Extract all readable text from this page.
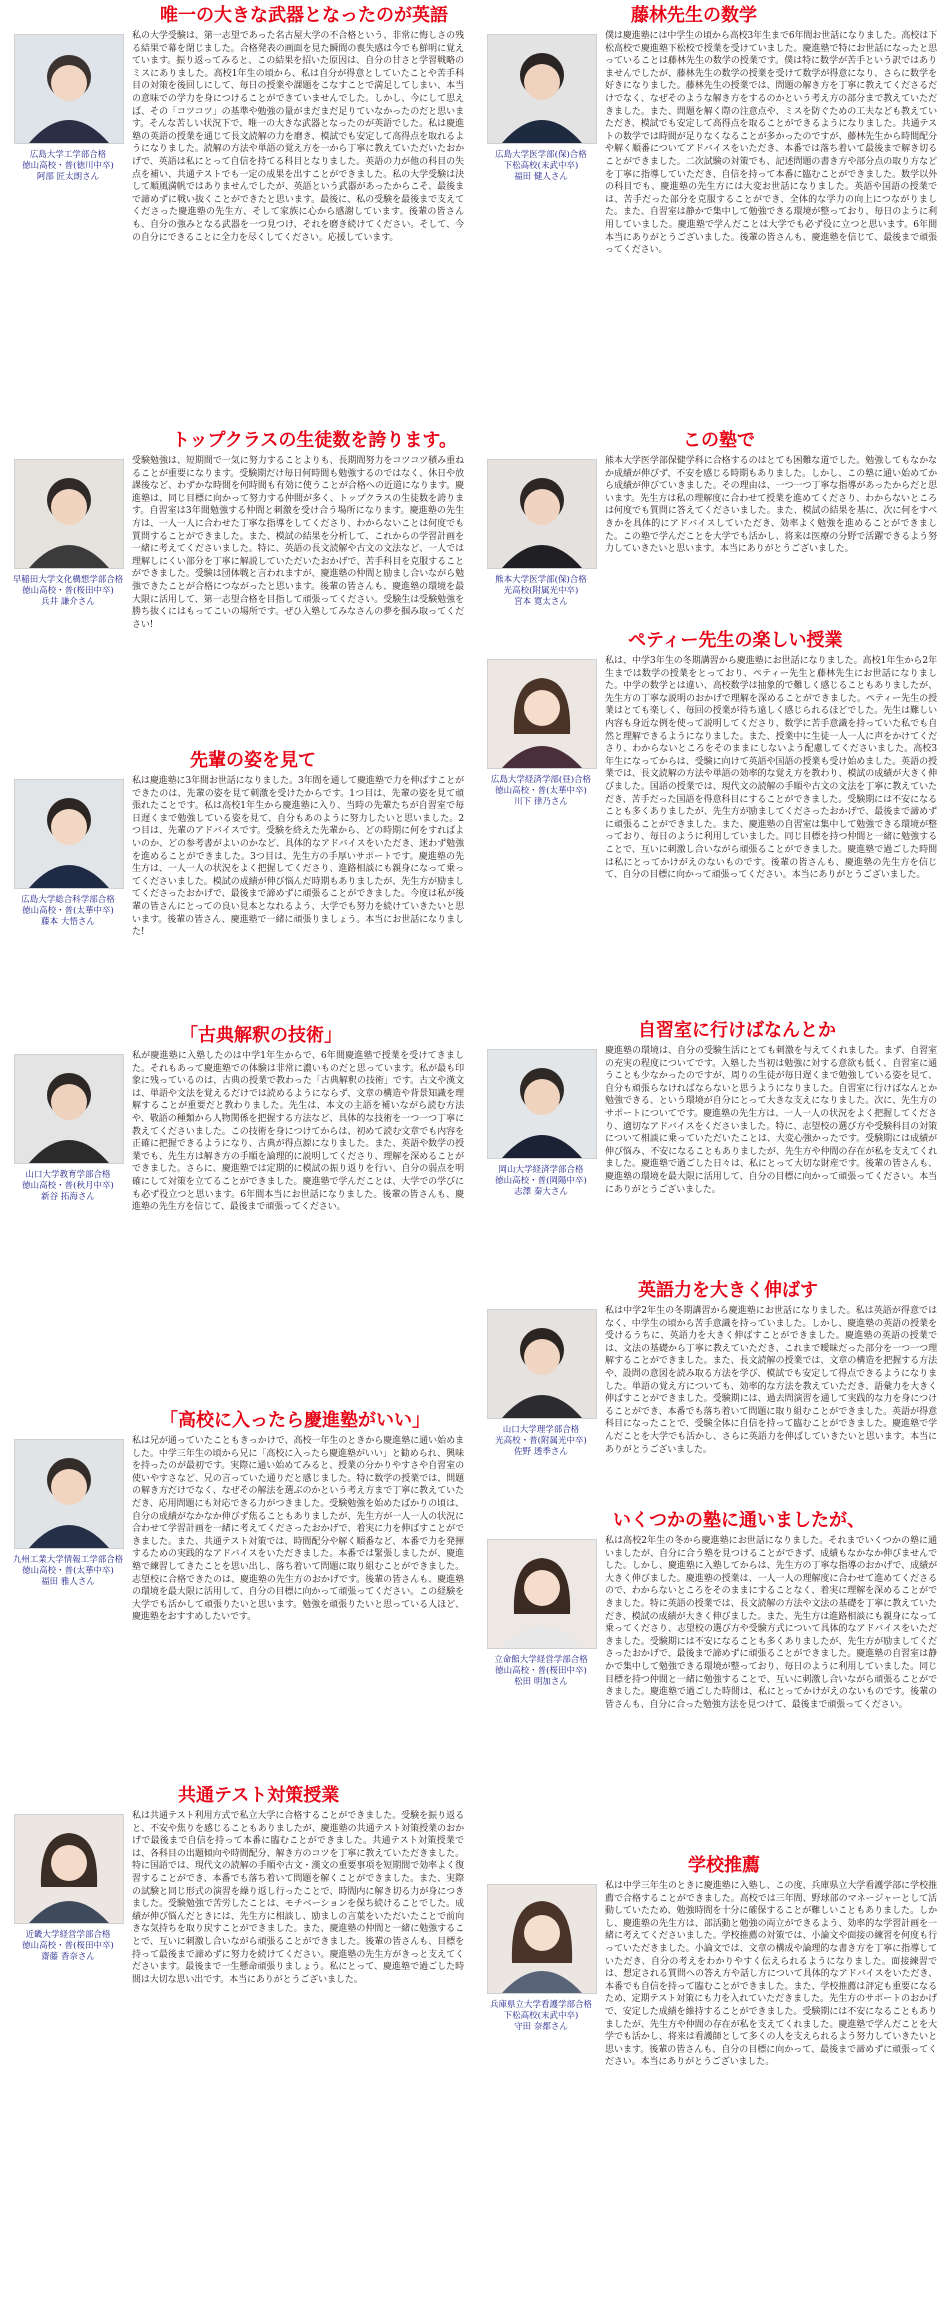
唯一の大きな武器となったのが英語
広島大学工学部合格
徳山高校・普(徳川中卒)
阿部 匠太朗さん
私の大学受験は、第一志望であった名古屋大学の不合格という、非常に悔しさの残る結果で幕を閉じました。合格発表の画面を見た瞬間の喪失感は今でも鮮明に覚えています。振り返ってみると、この結果を招いた原因は、自分の甘さと学習戦略のミスにありました。高校1年生の頃から、私は自分が得意としていたことや苦手科目の対策を後回しにして、毎日の授業や課題をこなすことで満足してしまい、本当の意味での学力を身につけることができていませんでした。しかし、今にして思えば、その「コツコツ」の基準や勉強の量がまだまだ足りていなかったのだと思います。そんな苦しい状況下で、唯一の大きな武器となったのが英語でした。私は慶進塾の英語の授業を通じて長文読解の力を磨き、模試でも安定して高得点を取れるようになりました。読解の方法や単語の覚え方を一から丁寧に教えていただいたおかげで、英語は私にとって自信を持てる科目となりました。英語の力が他の科目の失点を補い、共通テストでも一定の成果を出すことができました。私の大学受験は決して順風満帆ではありませんでしたが、英語という武器があったからこそ、最後まで諦めずに戦い抜くことができたと思います。最後に、私の受験を最後まで支えてくださった慶進塾の先生方、そして家族に心から感謝しています。後輩の皆さんも、自分の強みとなる武器を一つ見つけ、それを磨き続けてください。そして、今の自分にできることに全力を尽くしてください。応援しています。
トップクラスの生徒数を誇ります。
早稲田大学文化構想学部合格
徳山高校・普(桜田中卒)
兵井 謙介さん
受験勉強は、短期間で一気に努力することよりも、長期間努力をコツコツ積み重ねることが重要になります。受験期だけ毎日何時間も勉強するのではなく、休日や放課後など、わずかな時間を何時間も有効に使うことが合格への近道になります。慶進塾は、同じ目標に向かって努力する仲間が多く、トップクラスの生徒数を誇ります。自習室は3年間勉強する仲間と刺激を受け合う場所になります。慶進塾の先生方は、一人一人に合わせた丁寧な指導をしてくださり、わからないことは何度でも質問することができました。また、模試の結果を分析して、これからの学習計画を一緒に考えてくださいました。特に、英語の長文読解や古文の文法など、一人では理解しにくい部分を丁寧に解説していただいたおかげで、苦手科目を克服することができました。受験は団体戦と言われますが、慶進塾の仲間と励まし合いながら勉強できたことが合格につながったと思います。後輩の皆さんも、慶進塾の環境を最大限に活用して、第一志望合格を目指して頑張ってください。受験生は受験勉強を勝ち抜くにはもってこいの場所です。ぜひ入塾してみなさんの夢を掴み取ってください!
先輩の姿を見て
広島大学総合科学部合格
徳山高校・普(太華中卒)
藤本 大悟さん
私は慶進塾に3年間お世話になりました。3年間を通して慶進塾で力を伸ばすことができたのは、先輩の姿を見て刺激を受けたからです。1つ目は、先輩の姿を見て頑張れたことです。私は高校1年生から慶進塾に入り、当時の先輩たちが自習室で毎日遅くまで勉強している姿を見て、自分もあのように努力したいと思いました。2つ目は、先輩のアドバイスです。受験を終えた先輩から、どの時期に何をすればよいのか、どの参考書がよいのかなど、具体的なアドバイスをいただき、迷わず勉強を進めることができました。3つ目は、先生方の手厚いサポートです。慶進塾の先生方は、一人一人の状況をよく把握してくださり、進路相談にも親身になって乗ってくださいました。模試の成績が伸び悩んだ時期もありましたが、先生方が励ましてくださったおかげで、最後まで諦めずに頑張ることができました。今度は私が後輩の皆さんにとっての良い見本となれるよう、大学でも努力を続けていきたいと思います。後輩の皆さん、慶進塾で一緒に頑張りましょう。本当にお世話になりました!
「古典解釈の技術」
山口大学教育学部合格
徳山高校・普(秋月中卒)
新谷 拓海さん
私が慶進塾に入塾したのは中学1年生からで、6年間慶進塾で授業を受けてきました。それもあって慶進塾での体験は非常に濃いものだと思っています。私が最も印象に残っているのは、古典の授業で教わった「古典解釈の技術」です。古文や漢文は、単語や文法を覚えるだけでは読めるようにならず、文章の構造や背景知識を理解することが重要だと教わりました。先生は、本文の主語を補いながら読む方法や、敬語の種類から人物関係を把握する方法など、具体的な技術を一つ一つ丁寧に教えてくださいました。この技術を身につけてからは、初めて読む文章でも内容を正確に把握できるようになり、古典が得点源になりました。また、英語や数学の授業でも、先生方は解き方の手順を論理的に説明してくださり、理解を深めることができました。さらに、慶進塾では定期的に模試の振り返りを行い、自分の弱点を明確にして対策を立てることができました。慶進塾で学んだことは、大学での学びにも必ず役立つと思います。6年間本当にお世話になりました。後輩の皆さんも、慶進塾の先生方を信じて、最後まで頑張ってください。
「高校に入ったら慶進塾がいい」
九州工業大学情報工学部合格
徳山高校・普(太華中卒)
福田 雅人さん
私は兄が通っていたこともきっかけで、高校一年生のときから慶進塾に通い始めました。中学三年生の頃から兄に「高校に入ったら慶進塾がいい」と勧められ、興味を持ったのが最初です。実際に通い始めてみると、授業の分かりやすさや自習室の使いやすさなど、兄の言っていた通りだと感じました。特に数学の授業では、問題の解き方だけでなく、なぜその解法を選ぶのかという考え方まで丁寧に教えていただき、応用問題にも対応できる力がつきました。受験勉強を始めたばかりの頃は、自分の成績がなかなか伸びず焦ることもありましたが、先生方が一人一人の状況に合わせて学習計画を一緒に考えてくださったおかげで、着実に力を伸ばすことができました。また、共通テスト対策では、時間配分や解く順番など、本番で力を発揮するための実践的なアドバイスをいただきました。本番では緊張しましたが、慶進塾で練習してきたことを思い出し、落ち着いて問題に取り組むことができました。志望校に合格できたのは、慶進塾の先生方のおかげです。後輩の皆さんも、慶進塾の環境を最大限に活用して、自分の目標に向かって頑張ってください。この経験を大学でも活かして頑張りたいと思います。勉強を頑張りたいと思っている人ほど、慶進塾をおすすめしたいです。
共通テスト対策授業
近畿大学経営学部合格
徳山高校・普(桜田中卒)
齋藤 香奈さん
私は共通テスト利用方式で私立大学に合格することができました。受験を振り返ると、不安や焦りを感じることもありましたが、慶進塾の共通テスト対策授業のおかげで最後まで自信を持って本番に臨むことができました。共通テスト対策授業では、各科目の出題傾向や時間配分、解き方のコツを丁寧に教えていただきました。特に国語では、現代文の読解の手順や古文・漢文の重要事項を短期間で効率よく復習することができ、本番でも落ち着いて問題を解くことができました。また、実際の試験と同じ形式の演習を繰り返し行ったことで、時間内に解き切る力が身につきました。受験勉強で苦労したことは、モチベーションを保ち続けることでした。成績が伸び悩んだときには、先生方に相談し、励ましの言葉をいただいたことで前向きな気持ちを取り戻すことができました。また、慶進塾の仲間と一緒に勉強することで、互いに刺激し合いながら頑張ることができました。後輩の皆さんも、目標を持って最後まで諦めずに努力を続けてください。慶進塾の先生方がきっと支えてくださいます。最後まで一生懸命頑張りましょう。私にとって、慶進塾で過ごした時間は大切な思い出です。本当にありがとうございました。
藤林先生の数学
広島大学医学部(保)合格
下松高校(末武中卒)
福田 健人さん
僕は慶進塾には中学生の頃から高校3年生まで6年間お世話になりました。高校は下松高校で慶進塾下松校で授業を受けていました。慶進塾で特にお世話になったと思っていることは藤林先生の数学の授業です。僕は特に数学が苦手という訳ではありませんでしたが、藤林先生の数学の授業を受けて数学が得意になり、さらに数学を好きになりました。藤林先生の授業では、問題の解き方を丁寧に教えてくださるだけでなく、なぜそのような解き方をするのかという考え方の部分まで教えていただきました。また、問題を解く際の注意点や、ミスを防ぐための工夫なども教えていただき、模試でも安定して高得点を取ることができるようになりました。共通テストの数学では時間が足りなくなることが多かったのですが、藤林先生から時間配分や解く順番についてアドバイスをいただき、本番では落ち着いて最後まで解き切ることができました。二次試験の対策でも、記述問題の書き方や部分点の取り方などを丁寧に指導していただき、自信を持って本番に臨むことができました。数学以外の科目でも、慶進塾の先生方には大変お世話になりました。英語や国語の授業では、苦手だった部分を克服することができ、全体的な学力の向上につながりました。また、自習室は静かで集中して勉強できる環境が整っており、毎日のように利用していました。慶進塾で学んだことは大学でも必ず役に立つと思います。6年間本当にありがとうございました。後輩の皆さんも、慶進塾を信じて、最後まで頑張ってください。
この塾で
熊本大学医学部(保)合格
光高校(附属光中卒)
宮本 寛太さん
熊本大学医学部保健学科に合格するのはとても困難な道でした。勉強してもなかなか成績が伸びず、不安を感じる時期もありました。しかし、この塾に通い始めてから成績が伸びていきました。その理由は、一つ一つ丁寧な指導があったからだと思います。先生方は私の理解度に合わせて授業を進めてくださり、わからないところは何度でも質問に答えてくださいました。また、模試の結果を基に、次に何をすべきかを具体的にアドバイスしていただき、効率よく勉強を進めることができました。この塾で学んだことを大学でも活かし、将来は医療の分野で活躍できるよう努力していきたいと思います。本当にありがとうございました。
ペティー先生の楽しい授業
広島大学経済学部(昼)合格
徳山高校・普(太華中卒)
川下 律乃さん
私は、中学3年生の冬期講習から慶進塾にお世話になりました。高校1年生から2年生までは数学の授業をとっており、ペティー先生と藤林先生にお世話になりました。中学の数学とは違い、高校数学は抽象的で難しく感じることもありましたが、先生方の丁寧な説明のおかげで理解を深めることができました。ペティー先生の授業はとても楽しく、毎回の授業が待ち遠しく感じられるほどでした。先生は難しい内容も身近な例を使って説明してくださり、数学に苦手意識を持っていた私でも自然と理解できるようになりました。また、授業中に生徒一人一人に声をかけてくださり、わからないところをそのままにしないよう配慮してくださいました。高校3年生になってからは、受験に向けて英語や国語の授業も受け始めました。英語の授業では、長文読解の方法や単語の効率的な覚え方を教わり、模試の成績が大きく伸びました。国語の授業では、現代文の読解の手順や古文の文法を丁寧に教えていただき、苦手だった国語を得意科目にすることができました。受験期には不安になることも多くありましたが、先生方が励ましてくださったおかげで、最後まで諦めずに頑張ることができました。また、慶進塾の自習室は集中して勉強できる環境が整っており、毎日のように利用していました。同じ目標を持つ仲間と一緒に勉強することで、互いに刺激し合いながら頑張ることができました。慶進塾で過ごした時間は私にとってかけがえのないものです。後輩の皆さんも、慶進塾の先生方を信じて、自分の目標に向かって頑張ってください。本当にありがとうございました。
自習室に行けばなんとか
岡山大学経済学部合格
徳山高校・普(岡陽中卒)
志澤 秦大さん
慶進塾の環境は、自分の受験生活にとても刺激を与えてくれました。まず、自習室の充実の程度についてです。入塾した当初は勉強に対する意欲も低く、自習室に通うことも少なかったのですが、周りの生徒が毎日遅くまで勉強している姿を見て、自分も頑張らなければならないと思うようになりました。自習室に行けばなんとか勉強できる、という環境が自分にとって大きな支えになりました。次に、先生方のサポートについてです。慶進塾の先生方は、一人一人の状況をよく把握してくださり、適切なアドバイスをくださいました。特に、志望校の選び方や受験科目の対策について相談に乗っていただいたことは、大変心強かったです。受験期には成績が伸び悩み、不安になることもありましたが、先生方や仲間の存在が私を支えてくれました。慶進塾で過ごした日々は、私にとって大切な財産です。後輩の皆さんも、慶進塾の環境を最大限に活用して、自分の目標に向かって頑張ってください。本当にありがとうございました。
英語力を大きく伸ばす
山口大学理学部合格
光高校・普(附属光中卒)
佐野 透季さん
私は中学2年生の冬期講習から慶進塾にお世話になりました。私は英語が得意ではなく、中学生の頃から苦手意識を持っていました。しかし、慶進塾の英語の授業を受けるうちに、英語力を大きく伸ばすことができました。慶進塾の英語の授業では、文法の基礎から丁寧に教えていただき、これまで曖昧だった部分を一つ一つ理解することができました。また、長文読解の授業では、文章の構造を把握する方法や、設問の意図を読み取る方法を学び、模試でも安定して得点できるようになりました。単語の覚え方についても、効率的な方法を教えていただき、語彙力を大きく伸ばすことができました。受験期には、過去問演習を通して実践的な力を身につけることができ、本番でも落ち着いて問題に取り組むことができました。英語が得意科目になったことで、受験全体に自信を持って臨むことができました。慶進塾で学んだことを大学でも活かし、さらに英語力を伸ばしていきたいと思います。本当にありがとうございました。
いくつかの塾に通いましたが、
立命館大学経営学部合格
徳山高校・普(桜田中卒)
松田 明加さん
私は高校2年生の冬から慶進塾にお世話になりました。それまでいくつかの塾に通いましたが、自分に合う塾を見つけることができず、成績もなかなか伸びませんでした。しかし、慶進塾に入塾してからは、先生方の丁寧な指導のおかげで、成績が大きく伸びました。慶進塾の授業は、一人一人の理解度に合わせて進めてくださるので、わからないところをそのままにすることなく、着実に理解を深めることができました。特に英語の授業では、長文読解の方法や文法の基礎を丁寧に教えていただき、模試の成績が大きく伸びました。また、先生方は進路相談にも親身になって乗ってくださり、志望校の選び方や受験方式について具体的なアドバイスをいただきました。受験期には不安になることも多くありましたが、先生方が励ましてくださったおかげで、最後まで諦めずに頑張ることができました。慶進塾の自習室は静かで集中して勉強できる環境が整っており、毎日のように利用していました。同じ目標を持つ仲間と一緒に勉強することで、互いに刺激し合いながら頑張ることができました。慶進塾で過ごした時間は、私にとってかけがえのないものです。後輩の皆さんも、自分に合った勉強方法を見つけて、最後まで頑張ってください。
学校推薦
兵庫県立大学看護学部合格
下松高校(末武中卒)
守田 奈都さん
私は中学三年生のときに慶進塾に入塾し、この度、兵庫県立大学看護学部に学校推薦で合格することができました。高校では三年間、野球部のマネージャーとして活動していたため、勉強時間を十分に確保することが難しいこともありました。しかし、慶進塾の先生方は、部活動と勉強の両立ができるよう、効率的な学習計画を一緒に考えてくださいました。学校推薦の対策では、小論文や面接の練習を何度も行っていただきました。小論文では、文章の構成や論理的な書き方を丁寧に指導していただき、自分の考えをわかりやすく伝えられるようになりました。面接練習では、想定される質問への答え方や話し方について具体的なアドバイスをいただき、本番でも自信を持って臨むことができました。また、学校推薦は評定も重要になるため、定期テスト対策にも力を入れていただきました。先生方のサポートのおかげで、安定した成績を維持することができました。受験期には不安になることもありましたが、先生方や仲間の存在が私を支えてくれました。慶進塾で学んだことを大学でも活かし、将来は看護師として多くの人を支えられるよう努力していきたいと思います。後輩の皆さんも、自分の目標に向かって、最後まで諦めずに頑張ってください。本当にありがとうございました。
